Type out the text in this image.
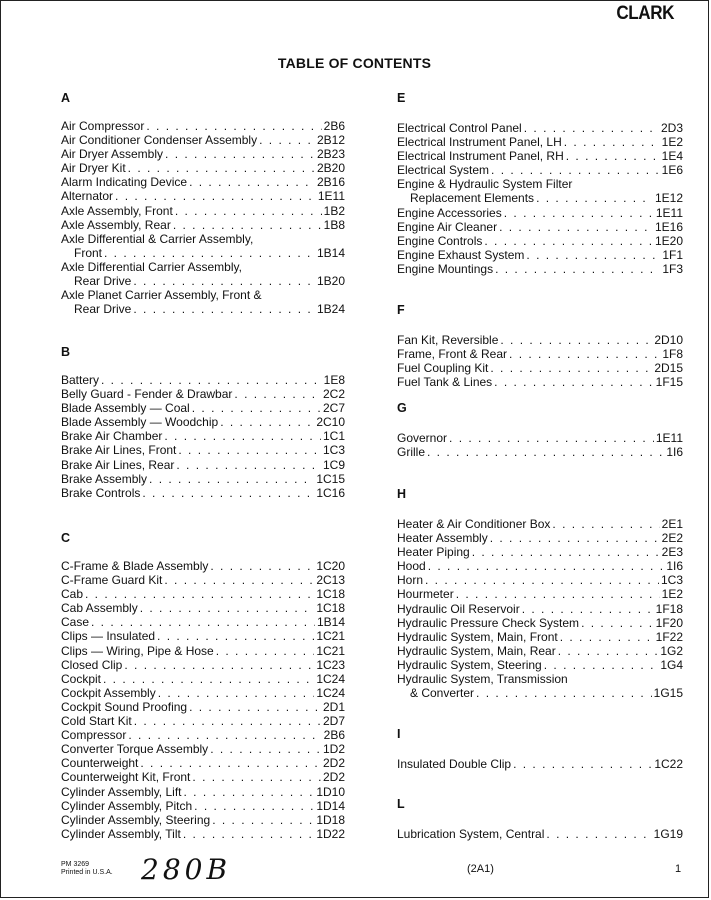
CLARK
TABLE OF CONTENTS
A
Air Compressor . . .	2B6
Air Conditioner Condenser Assembly . . .	2B12
Air Dryer Assembly . . .	2B23
Air Dryer Kit . . .	2B20
Alarm Indicating Device . . .	2B16
Alternator . . .	1E11
Axle Assembly, Front . . .	1B2
Axle Assembly, Rear . . .	1B8
Axle Differential & Carrier Assembly,
Front . . .	1B14
Axle Differential Carrier Assembly,
Rear Drive . . .	1B20
Axle Planet Carrier Assembly, Front &
Rear Drive . . .	1B24
B
Battery . . .	1E8
Belly Guard - Fender & Drawbar . . .	2C2
Blade Assembly — Coal . . .	2C7
Blade Assembly — Woodchip . . .	2C10
Brake Air Chamber . . .	1C1
Brake Air Lines, Front . . .	1C3
Brake Air Lines, Rear . . .	1C9
Brake Assembly . . .	1C15
Brake Controls . . .	1C16
C
C-Frame & Blade Assembly . . .	1C20
C-Frame Guard Kit . . .	2C13
Cab . . .	1C18
Cab Assembly . . .	1C18
Case . . .	1B14
Clips — Insulated . . .	1C21
Clips — Wiring, Pipe & Hose . . .	1C21
Closed Clip . . .	1C23
Cockpit . . .	1C24
Cockpit Assembly . . .	1C24
Cockpit Sound Proofing . . .	2D1
Cold Start Kit . . .	2D7
Compressor . . .	2B6
Converter Torque Assembly . . .	1D2
Counterweight . . .	2D2
Counterweight Kit, Front . . .	2D2
Cylinder Assembly, Lift . . .	1D10
Cylinder Assembly, Pitch . . .	1D14
Cylinder Assembly, Steering . . .	1D18
Cylinder Assembly, Tilt . . .	1D22
E
Electrical Control Panel . . .	2D3
Electrical Instrument Panel, LH . . .	1E2
Electrical Instrument Panel, RH . . .	1E4
Electrical System . . .	1E6
Engine & Hydraulic System Filter
Replacement Elements . . .	1E12
Engine Accessories . . .	1E11
Engine Air Cleaner . . .	1E16
Engine Controls . . .	1E20
Engine Exhaust System . . .	1F1
Engine Mountings . . .	1F3
F
Fan Kit, Reversible . . .	2D10
Frame, Front & Rear . . .	1F8
Fuel Coupling Kit . . .	2D15
Fuel Tank & Lines . . .	1F15
G
Governor . . .	1E11
Grille . . .	1I6
H
Heater & Air Conditioner Box . . .	2E1
Heater Assembly . . .	2E2
Heater Piping . . .	2E3
Hood . . .	1I6
Horn . . .	1C3
Hourmeter . . .	1E2
Hydraulic Oil Reservoir . . .	1F18
Hydraulic Pressure Check System . . .	1F20
Hydraulic System, Main, Front . . .	1F22
Hydraulic System, Main, Rear . . .	1G2
Hydraulic System, Steering . . .	1G4
Hydraulic System, Transmission
& Converter . . .	1G15
I
Insulated Double Clip . . .	1C22
L
Lubrication System, Central . . .	1G19
PM 3269
Printed in U.S.A. 280B	(2A1)	1
